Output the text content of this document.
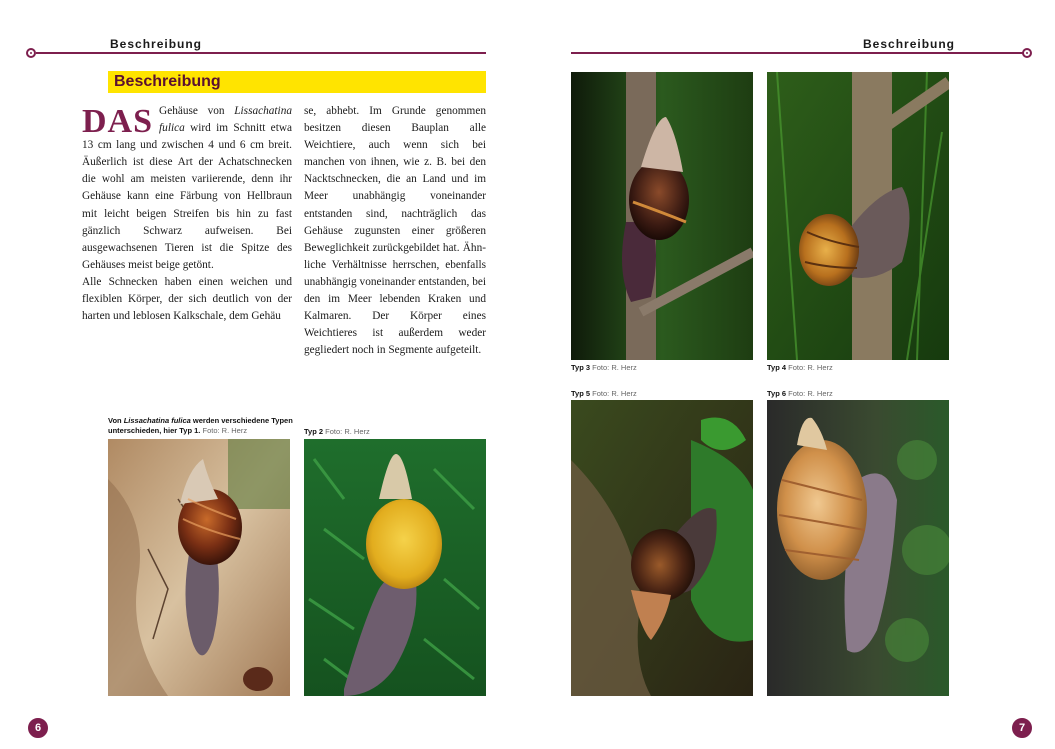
Beschreibung
Beschreibung

DAS Gehäuse von Lissachatina fulica wird im Schnitt etwa 13 cm lang und zwischen 4 und 6 cm breit. Äußerlich ist diese Art der Achatschnecken die wohl am meisten variierende, denn ihr Gehäuse kann eine Färbung von Hellbraun mit leicht beigen Streifen bis hin zu fast gänzlich Schwarz aufweisen. Bei ausgewachsenen Tieren ist die Spitze des Gehäuses meist beige getönt.

Alle Schnecken haben einen weichen und flexiblen Körper, der sich deutlich von der harten und leblosen Kalkschale, dem Gehäu

se, abhebt. Im Grunde genommen besitzen diesen Bauplan alle Weichtiere, auch wenn sich bei manchen von ihnen, wie z. B. bei den Nacktschnecken, die an Land und im Meer unabhängig voneinander entstanden sind, nachträglich das Gehäuse zugunsten einer größeren Beweglichkeit zurückgebildet hat. Ähnliche Verhältnisse herrschen, ebenfalls unabhängig voneinander entstanden, bei den im Meer lebenden Kraken und Kalmaren. Der Körper eines Weichtieres ist außerdem weder gegliedert noch in Segmente aufgeteilt.
Von Lissachatina fulica werden verschiedene Typen unterschieden, hier Typ 1. Foto: R. Herz	Typ 2 Foto: R. Herz
6
Beschreibung
Typ 3 Foto: R. Herz	Typ 4 Foto: R. Herz
Typ 5 Foto: R. Herz	Typ 6 Foto: R. Herz
7
